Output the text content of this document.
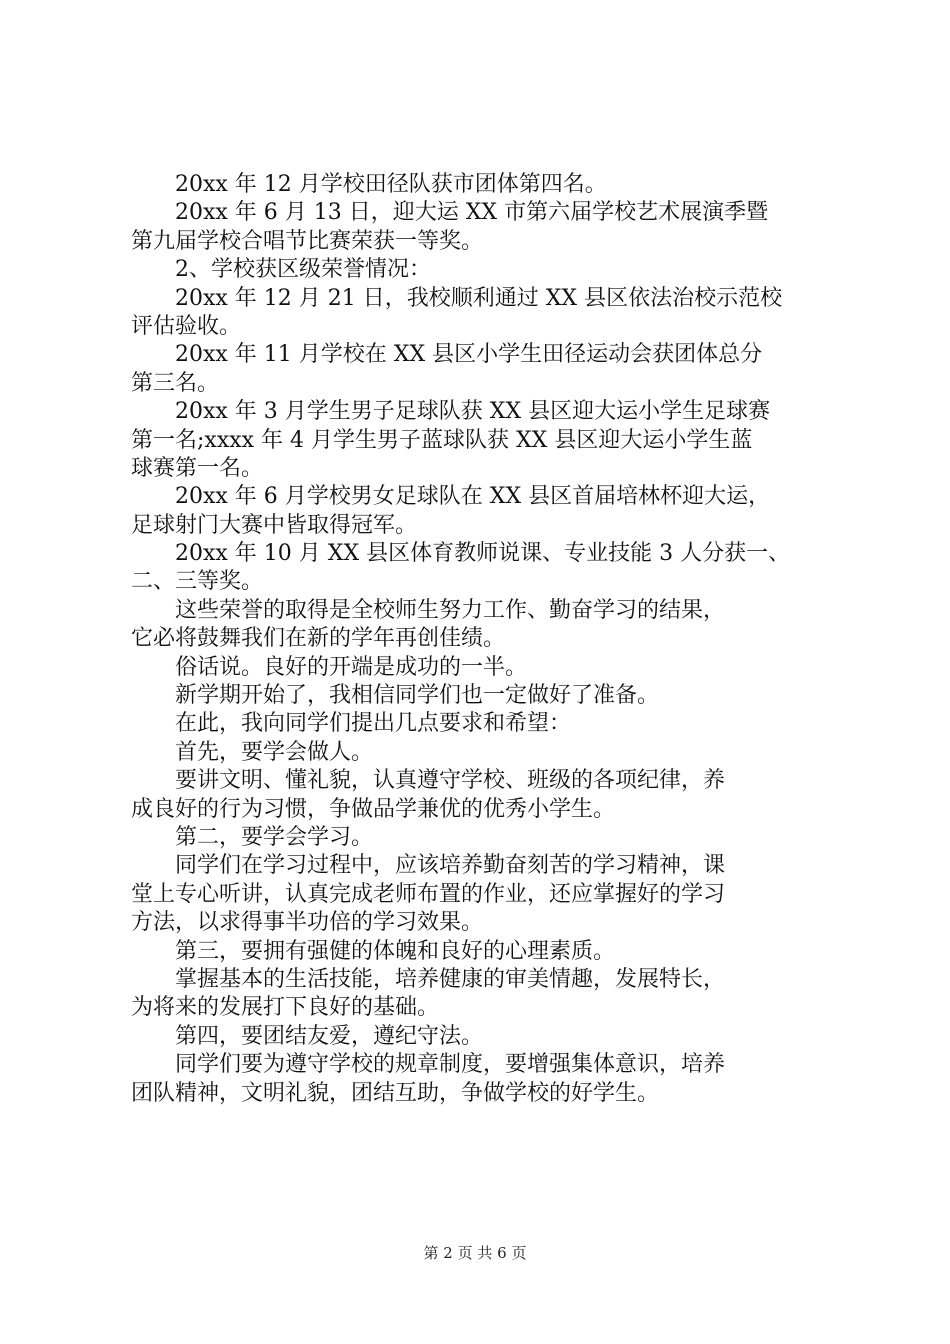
20xx 年 12 月学校田径队获市团体第四名。
20xx 年 6 月 13 日，迎大运 XX 市第六届学校艺术展演季暨
第九届学校合唱节比赛荣获一等奖。
2、学校获区级荣誉情况：
20xx 年 12 月 21 日，我校顺利通过 XX 县区依法治校示范校
评估验收。
20xx 年 11 月学校在 XX 县区小学生田径运动会获团体总分
第三名。
20xx 年 3 月学生男子足球队获 XX 县区迎大运小学生足球赛
第一名;xxxx 年 4 月学生男子蓝球队获 XX 县区迎大运小学生蓝
球赛第一名。
20xx 年 6 月学校男女足球队在 XX 县区首届培林杯迎大运，
足球射门大赛中皆取得冠军。
20xx 年 10 月 XX 县区体育教师说课、专业技能 3 人分获一、
二、三等奖。
这些荣誉的取得是全校师生努力工作、勤奋学习的结果，
它必将鼓舞我们在新的学年再创佳绩。
俗话说。良好的开端是成功的一半。
新学期开始了，我相信同学们也一定做好了准备。
在此，我向同学们提出几点要求和希望：
首先，要学会做人。
要讲文明、懂礼貌，认真遵守学校、班级的各项纪律，养
成良好的行为习惯，争做品学兼优的优秀小学生。
第二，要学会学习。
同学们在学习过程中，应该培养勤奋刻苦的学习精神，课
堂上专心听讲，认真完成老师布置的作业，还应掌握好的学习
方法，以求得事半功倍的学习效果。
第三，要拥有强健的体魄和良好的心理素质。
掌握基本的生活技能，培养健康的审美情趣，发展特长，
为将来的发展打下良好的基础。
第四，要团结友爱，遵纪守法。
同学们要为遵守学校的规章制度，要增强集体意识，培养
团队精神，文明礼貌，团结互助，争做学校的好学生。
第 2 页 共 6 页
